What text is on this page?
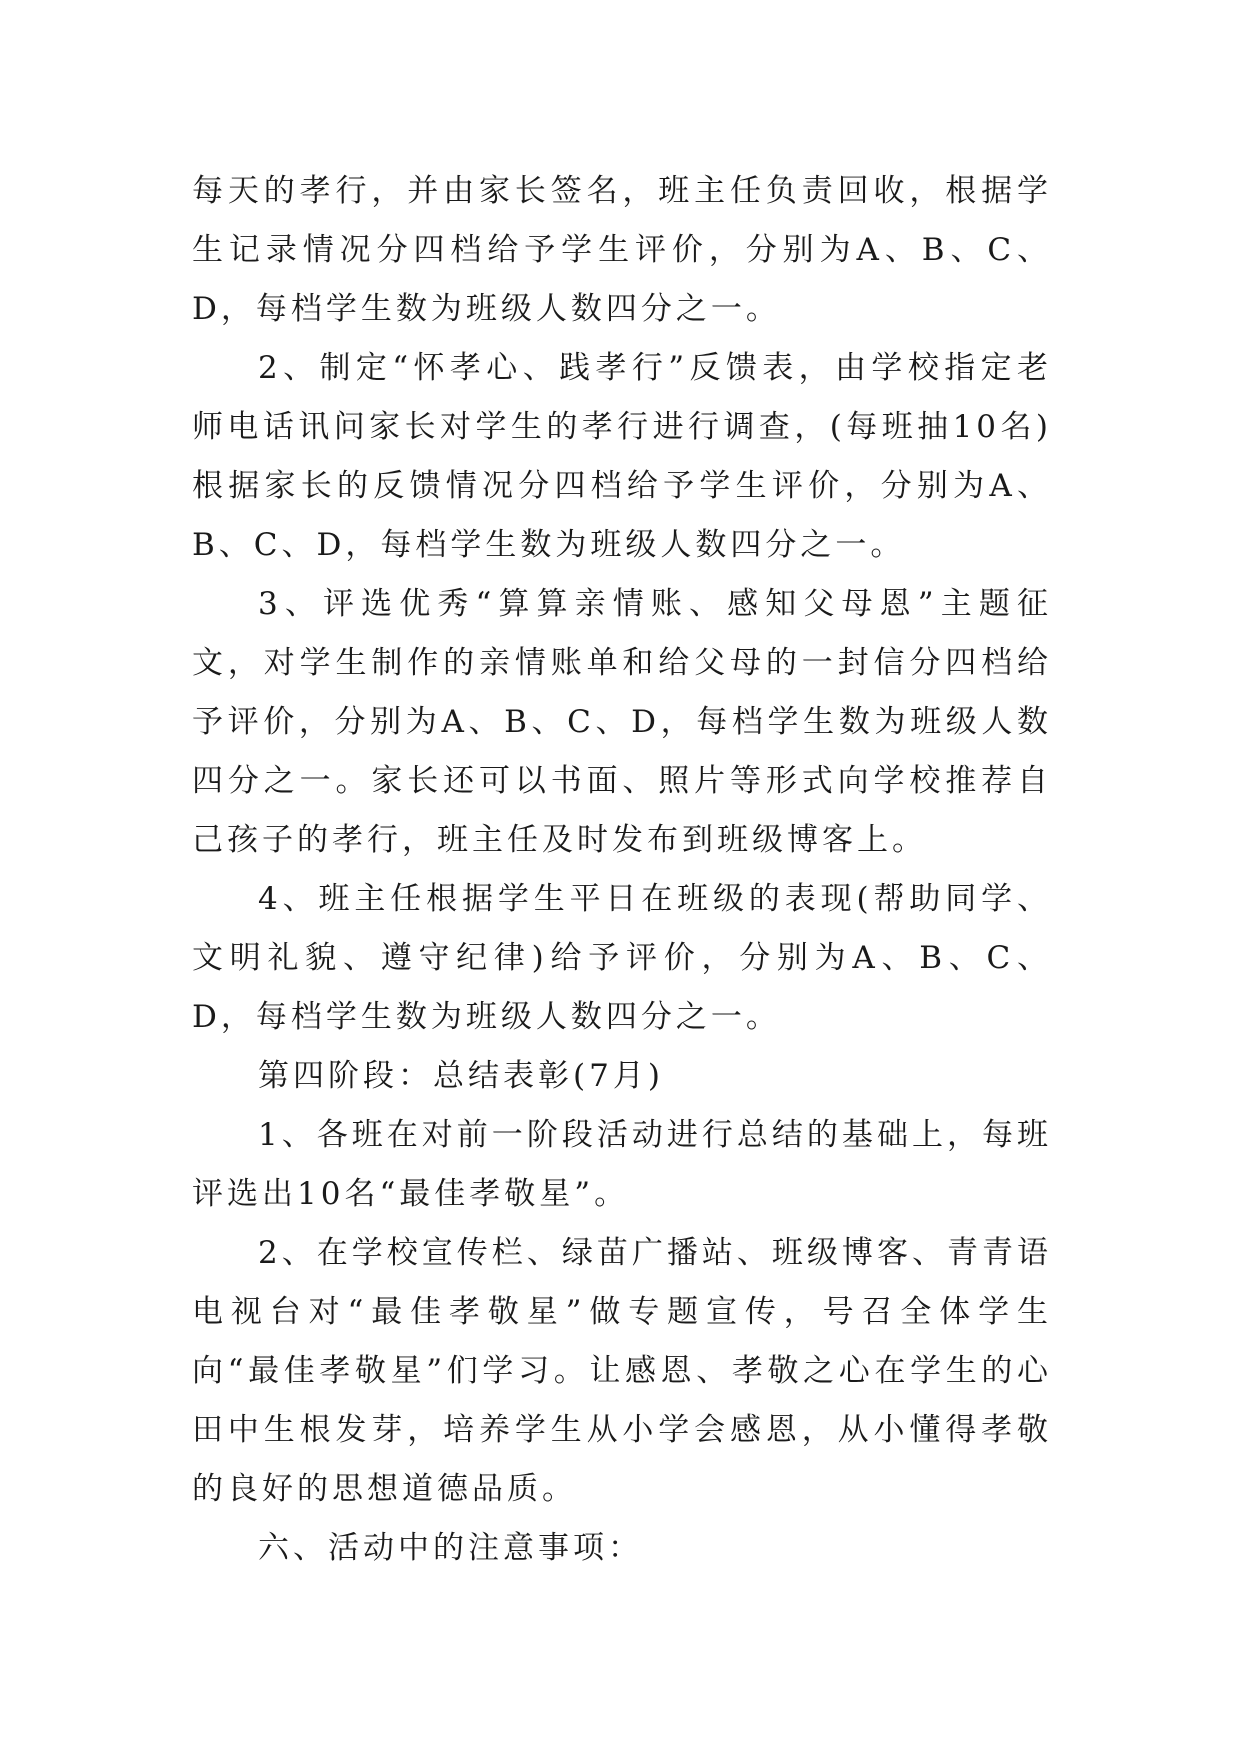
每天的孝行，并由家长签名，班主任负责回收，根据学生记录情况分四档给予学生评价，分别为A、B、C、D，每档学生数为班级人数四分之一。

2、制定“怀孝心、践孝行”反馈表，由学校指定老师电话讯问家长对学生的孝行进行调查，(每班抽10名)根据家长的反馈情况分四档给予学生评价，分别为A、B、C、D，每档学生数为班级人数四分之一。

3、评选优秀“算算亲情账、感知父母恩”主题征文，对学生制作的亲情账单和给父母的一封信分四档给予评价，分别为A、B、C、D，每档学生数为班级人数四分之一。家长还可以书面、照片等形式向学校推荐自己孩子的孝行，班主任及时发布到班级博客上。

4、班主任根据学生平日在班级的表现(帮助同学、文明礼貌、遵守纪律)给予评价，分别为A、B、C、D，每档学生数为班级人数四分之一。

第四阶段：总结表彰(7月)

1、各班在对前一阶段活动进行总结的基础上，每班评选出10名“最佳孝敬星”。

2、在学校宣传栏、绿苗广播站、班级博客、青青语电视台对“最佳孝敬星”做专题宣传，号召全体学生向“最佳孝敬星”们学习。让感恩、孝敬之心在学生的心田中生根发芽，培养学生从小学会感恩，从小懂得孝敬的良好的思想道德品质。

六、活动中的注意事项：
